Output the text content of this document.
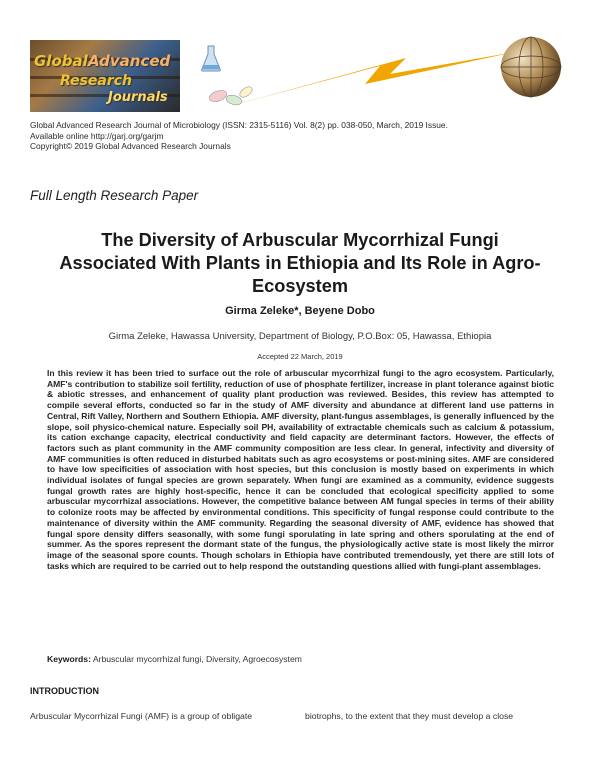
Global Advanced
Research
Journals
Global Advanced Research Journal of Microbiology (ISSN: 2315-5116) Vol. 8(2) pp. 038-050, March, 2019 Issue.
Available online http://garj.org/garjm
Copyright© 2019 Global Advanced Research Journals
Full Length Research Paper
The Diversity of Arbuscular Mycorrhizal Fungi
Associated With Plants in Ethiopia and Its Role in Agro-
Ecosystem
Girma Zeleke*, Beyene Dobo
Girma Zeleke, Hawassa University, Department of Biology, P.O.Box: 05, Hawassa, Ethiopia
Accepted 22 March, 2019

In this review it has been tried to surface out the role of arbuscular mycorrhizal fungi to the agro ecosystem. Particularly, AMF's contribution to stabilize soil fertility, reduction of use of phosphate fertilizer, increase in plant tolerance against biotic & abiotic stresses, and enhancement of quality plant production was reviewed. Besides, this review has attempted to compile several efforts, conducted so far in the study of AMF diversity and abundance at different land use patterns in Central, Rift Valley, Northern and Southern Ethiopia. AMF diversity, plant-fungus assemblages, is generally influenced by the slope, soil physico-chemical nature. Especially soil PH, availability of extractable chemicals such as calcium & potassium, its cation exchange capacity, electrical conductivity and field capacity are determinant factors. However, the effects of factors such as plant community in the AMF community composition are less clear. In general, infectivity and diversity of AMF communities is often reduced in disturbed habitats such as agro ecosystems or post-mining sites. AMF are considered to have low specificities of association with host species, but this conclusion is mostly based on experiments in which individual isolates of fungal species are grown separately. When fungi are examined as a community, evidence suggests fungal growth rates are highly host-specific, hence it can be concluded that ecological specificity applied to some arbuscular mycorrhizal associations. However, the competitive balance between AM fungal species in terms of their ability to colonize roots may be affected by environmental conditions. This specificity of fungal response could contribute to the maintenance of diversity within the AMF community. Regarding the seasonal diversity of AMF, evidence has showed that fungal spore density differs seasonally, with some fungi sporulating in late spring and others sporulating at the end of summer. As the spores represent the dormant state of the fungus, the physiologically active state is most likely the mirror image of the seasonal spore counts. Though scholars in Ethiopia have contributed tremendously, yet there are still lots of tasks which are required to be carried out to help respond the outstanding questions allied with fungi-plant assemblages.

Keywords: Arbuscular mycorrhizal fungi, Diversity, Agroecosystem
INTRODUCTION
Arbuscular Mycorrhizal Fungi (AMF) is a group of obligate	biotrophs, to the extent that they must develop a close
